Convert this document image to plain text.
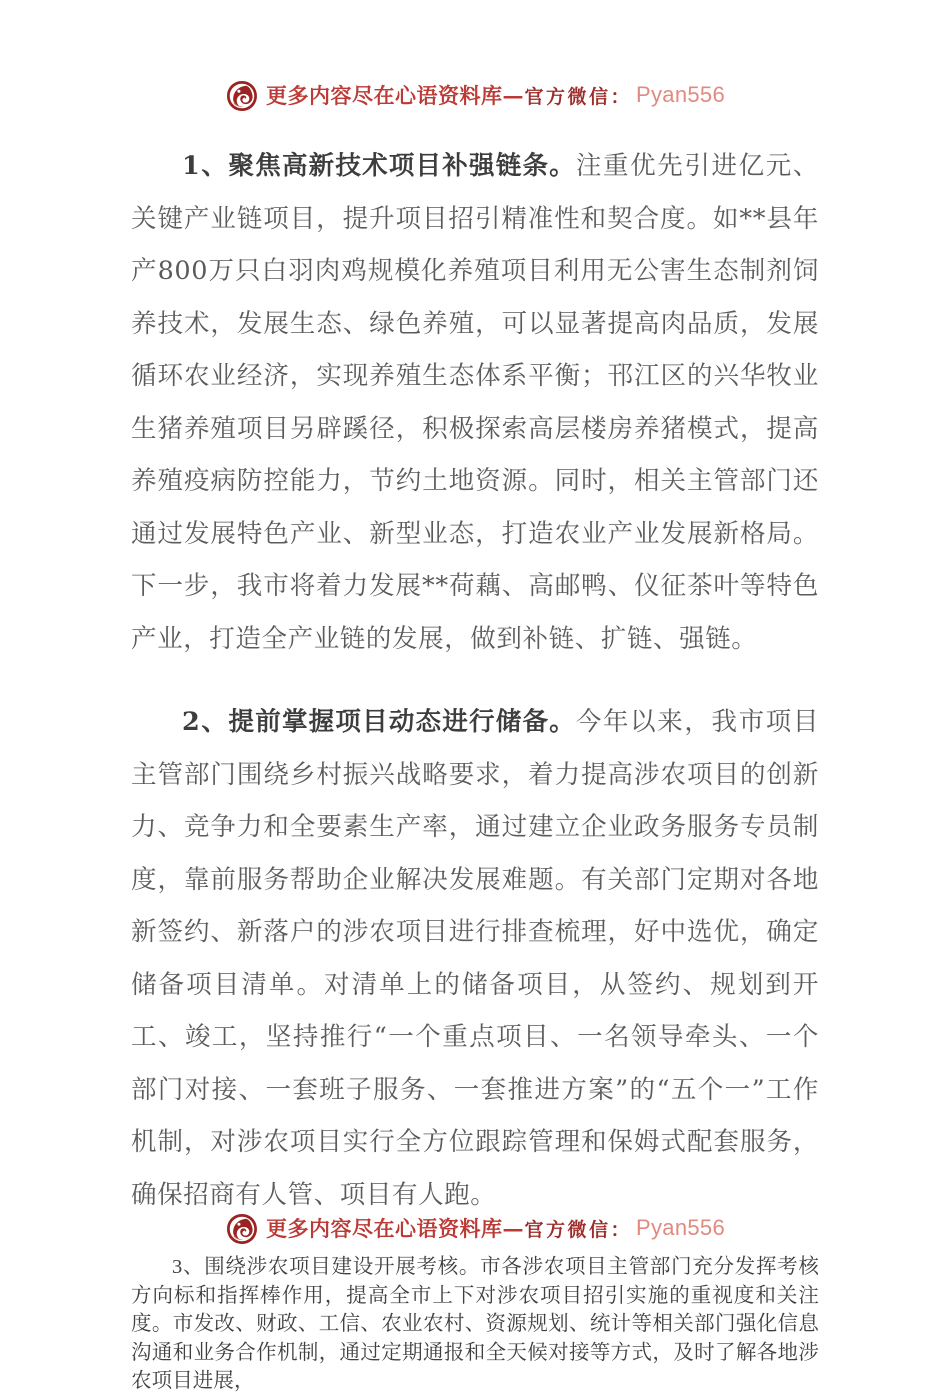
更多内容尽在心语资料库 — 官方微信： Pyan556

1、聚焦高新技术项目补强链条。注重优先引进亿元、关键产业链项目，提升项目招引精准性和契合度。如**县年产800万只白羽肉鸡规模化养殖项目利用无公害生态制剂饲养技术，发展生态、绿色养殖，可以显著提高肉品质，发展循环农业经济，实现养殖生态体系平衡；邗江区的兴华牧业生猪养殖项目另辟蹊径，积极探索高层楼房养猪模式，提高养殖疫病防控能力，节约土地资源。同时，相关主管部门还通过发展特色产业、新型业态，打造农业产业发展新格局。下一步，我市将着力发展**荷藕、高邮鸭、仪征茶叶等特色产业，打造全产业链的发展，做到补链、扩链、强链。

2、提前掌握项目动态进行储备。今年以来，我市项目主管部门围绕乡村振兴战略要求，着力提高涉农项目的创新力、竞争力和全要素生产率，通过建立企业政务服务专员制度，靠前服务帮助企业解决发展难题。有关部门定期对各地新签约、新落户的涉农项目进行排查梳理，好中选优，确定储备项目清单。对清单上的储备项目，从签约、规划到开工、竣工，坚持推行“一个重点项目、一名领导牵头、一个部门对接、一套班子服务、一套推进方案”的“五个一”工作机制，对涉农项目实行全方位跟踪管理和保姆式配套服务，确保招商有人管、项目有人跑。

3、围绕涉农项目建设开展考核。市各涉农项目主管部门充分发挥考核方向标和指挥棒作用，提高全市上下对涉农项目招引实施的重视度和关注度。市发改、财政、工信、农业农村、资源规划、统计等相关部门强化信息沟通和业务合作机制，通过定期通报和全天候对接等方式，及时了解各地涉农项目进展，

更多内容尽在心语资料库 — 官方微信： Pyan556
